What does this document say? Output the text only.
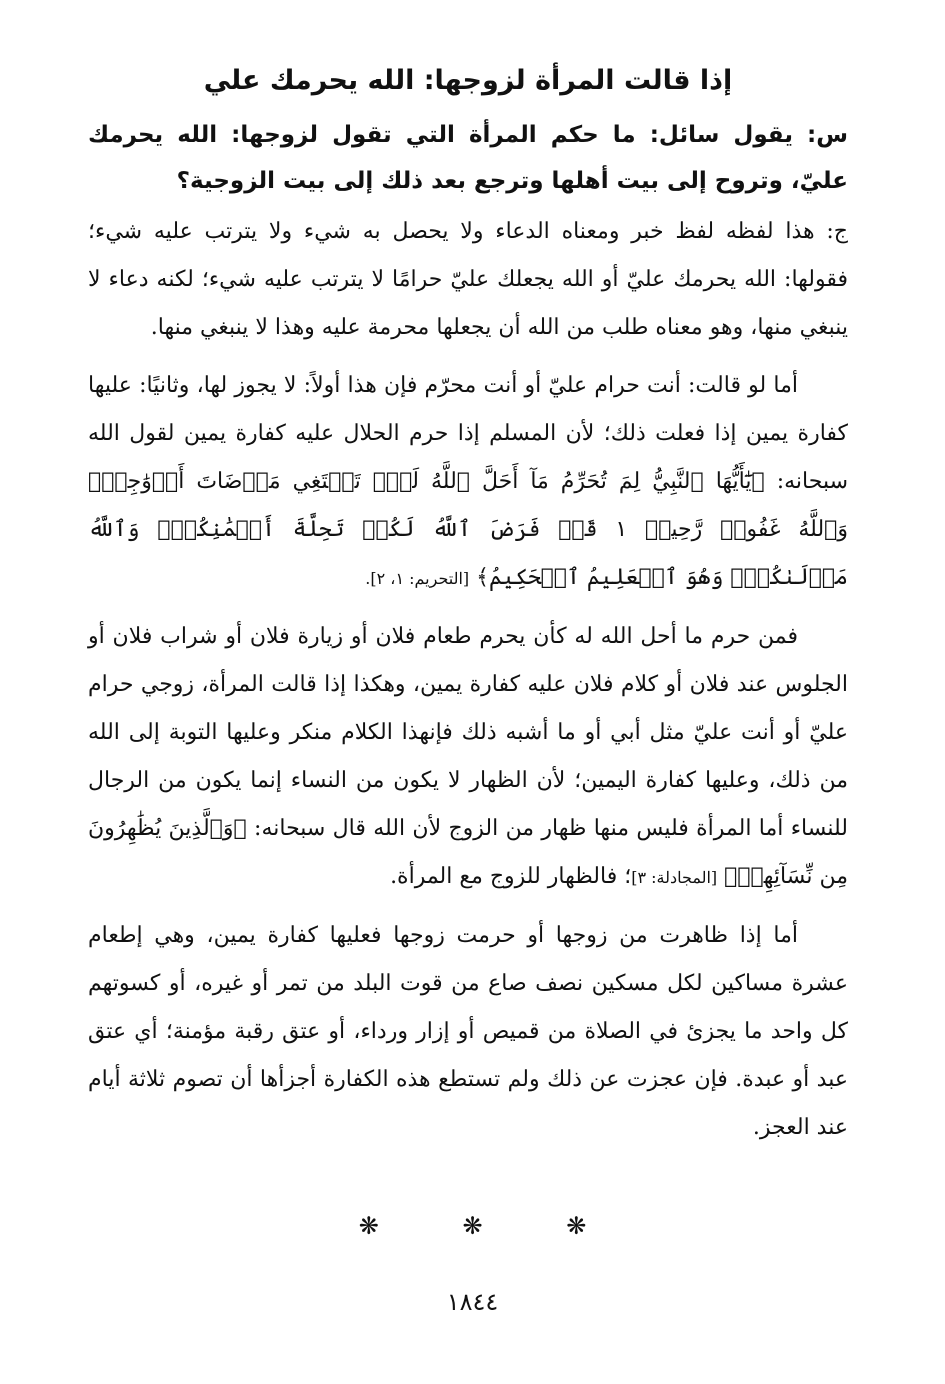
إذا قالت المرأة لزوجها: الله يحرمك علي

س: يقول سائل: ما حكم المرأة التي تقول لزوجها: الله يحرمك عليّ، وتروح إلى بيت أهلها وترجع بعد ذلك إلى بيت الزوجية؟

ج: هذا لفظه لفظ خبر ومعناه الدعاء ولا يحصل به شيء ولا يترتب عليه شيء؛ فقولها: الله يحرمك عليّ أو الله يجعلك عليّ حرامًا لا يترتب عليه شيء؛ لكنه دعاء لا ينبغي منها، وهو معناه طلب من الله أن يجعلها محرمة عليه وهذا لا ينبغي منها.

أما لو قالت: أنت حرام عليّ أو أنت محرّم فإن هذا أولاً: لا يجوز لها، وثانيًا: عليها كفارة يمين إذا فعلت ذلك؛ لأن المسلم إذا حرم الحلال عليه كفارة يمين لقول الله سبحانه: ﴿يَٰٓأَيُّهَا ٱلنَّبِيُّ لِمَ تُحَرِّمُ مَآ أَحَلَّ ٱللَّهُ لَكَۖ تَبۡتَغِي مَرۡضَاتَ أَزۡوَٰجِكَۚ وَٱللَّهُ غَفُورٞ رَّحِيمٞ ١ قَدۡ فَرَضَ ٱللَّهُ لَكُمۡ تَحِلَّةَ أَيۡمَٰنِكُمۡۚ وَٱللَّهُ مَوۡلَىٰكُمۡۖ وَهُوَ ٱلۡعَلِيمُ ٱلۡحَكِيمُ﴾ [التحريم: ١، ٢].

فمن حرم ما أحل الله له كأن يحرم طعام فلان أو زيارة فلان أو شراب فلان أو الجلوس عند فلان أو كلام فلان عليه كفارة يمين، وهكذا إذا قالت المرأة، زوجي حرام عليّ أو أنت عليّ مثل أبي أو ما أشبه ذلك فإنهذا الكلام منكر وعليها التوبة إلى الله من ذلك، وعليها كفارة اليمين؛ لأن الظهار لا يكون من النساء إنما يكون من الرجال للنساء أما المرأة فليس منها ظهار من الزوج لأن الله قال سبحانه: ﴿وَٱلَّذِينَ يُظَٰهِرُونَ مِن نِّسَآئِهِمۡ﴾ [المجادلة: ٣]؛ فالظهار للزوج مع المرأة.

أما إذا ظاهرت من زوجها أو حرمت زوجها فعليها كفارة يمين، وهي إطعام عشرة مساكين لكل مسكين نصف صاع من قوت البلد من تمر أو غيره، أو كسوتهم كل واحد ما يجزئ في الصلاة من قميص أو إزار ورداء، أو عتق رقبة مؤمنة؛ أي عتق عبد أو عبدة. فإن عجزت عن ذلك ولم تستطع هذه الكفارة أجزأها أن تصوم ثلاثة أيام عند العجز.

❋ ❋ ❋
١٨٤٤
